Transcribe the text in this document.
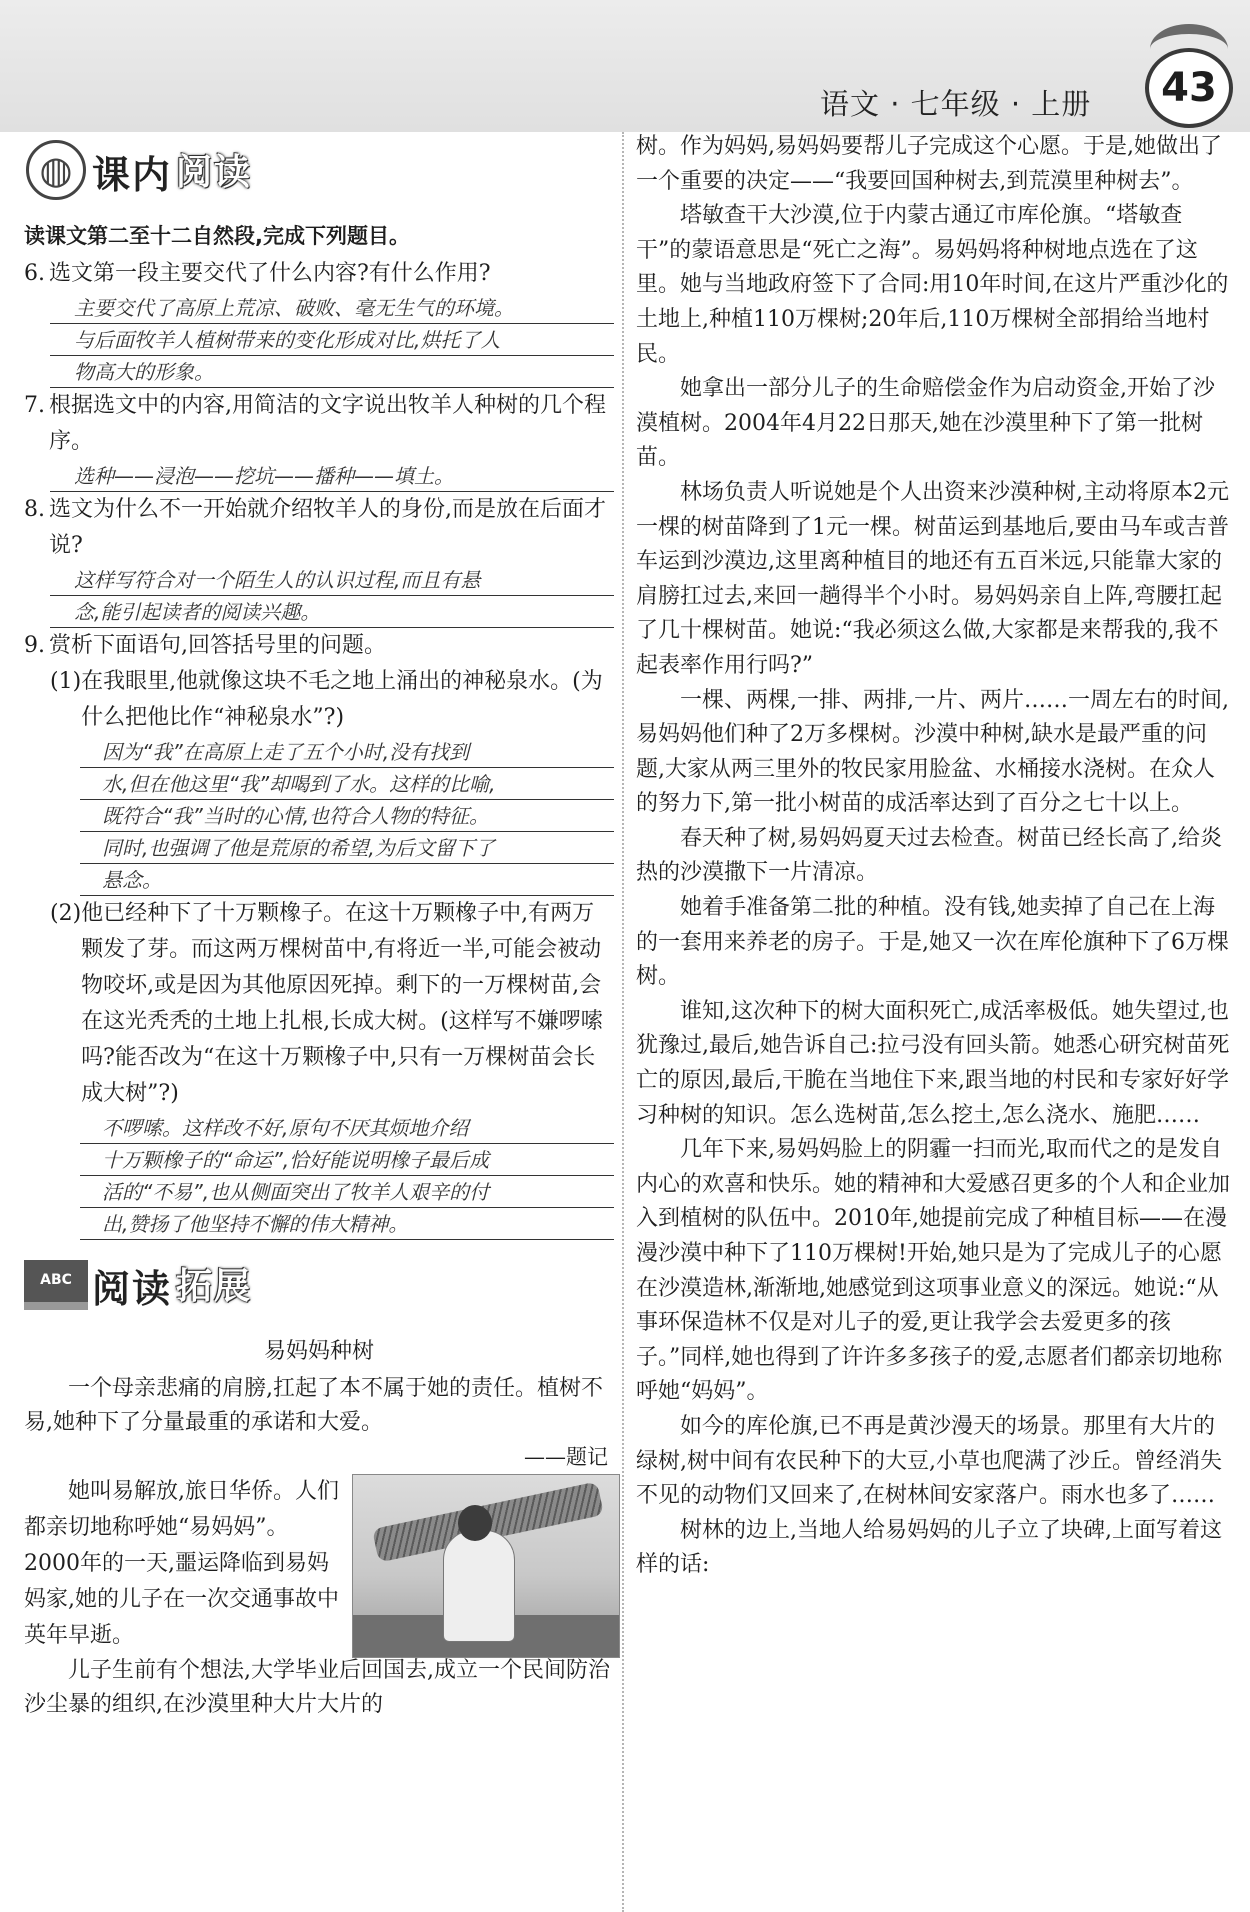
语文 · 七年级 · 上册	43
◍ 课内 阅读
读课文第二至十二自然段,完成下列题目。
6. 选文第一段主要交代了什么内容?有什么作用?
主要交代了高原上荒凉、破败、毫无生气的环境。
与后面牧羊人植树带来的变化形成对比,烘托了人
物高大的形象。
7. 根据选文中的内容,用简洁的文字说出牧羊人种树的几个程序。
选种——浸泡——挖坑——播种——填土。
8. 选文为什么不一开始就介绍牧羊人的身份,而是放在后面才说?
这样写符合对一个陌生人的认识过程,而且有悬
念,能引起读者的阅读兴趣。
9. 赏析下面语句,回答括号里的问题。
(1) 在我眼里,他就像这块不毛之地上涌出的神秘泉水。(为什么把他比作“神秘泉水”?)
因为“我”在高原上走了五个小时,没有找到
水,但在他这里“我”却喝到了水。这样的比喻,
既符合“我”当时的心情,也符合人物的特征。
同时,也强调了他是荒原的希望,为后文留下了
悬念。
(2) 他已经种下了十万颗橡子。在这十万颗橡子中,有两万颗发了芽。而这两万棵树苗中,有将近一半,可能会被动物咬坏,或是因为其他原因死掉。剩下的一万棵树苗,会在这光秃秃的土地上扎根,长成大树。(这样写不嫌啰嗦吗?能否改为“在这十万颗橡子中,只有一万棵树苗会长成大树”?)
不啰嗦。这样改不好,原句不厌其烦地介绍
十万颗橡子的“命运”,恰好能说明橡子最后成
活的“不易”,也从侧面突出了牧羊人艰辛的付
出,赞扬了他坚持不懈的伟大精神。
ABC 阅读 拓展
易妈妈种树

一个母亲悲痛的肩膀,扛起了本不属于她的责任。植树不易,她种下了分量最重的承诺和大爱。

——题记
她叫易解放,旅日华侨。人们都亲切地称呼她“易妈妈”。2000年的一天,噩运降临到易妈妈家,她的儿子在一次交通事故中英年早逝。

儿子生前有个想法,大学毕业后回国去,成立一个民间防治沙尘暴的组织,在沙漠里种大片大片的

树。作为妈妈,易妈妈要帮儿子完成这个心愿。于是,她做出了一个重要的决定——“我要回国种树去,到荒漠里种树去”。

塔敏查干大沙漠,位于内蒙古通辽市库伦旗。“塔敏查干”的蒙语意思是“死亡之海”。易妈妈将种树地点选在了这里。她与当地政府签下了合同:用10年时间,在这片严重沙化的土地上,种植110万棵树;20年后,110万棵树全部捐给当地村民。

她拿出一部分儿子的生命赔偿金作为启动资金,开始了沙漠植树。2004年4月22日那天,她在沙漠里种下了第一批树苗。

林场负责人听说她是个人出资来沙漠种树,主动将原本2元一棵的树苗降到了1元一棵。树苗运到基地后,要由马车或吉普车运到沙漠边,这里离种植目的地还有五百米远,只能靠大家的肩膀扛过去,来回一趟得半个小时。易妈妈亲自上阵,弯腰扛起了几十棵树苗。她说:“我必须这么做,大家都是来帮我的,我不起表率作用行吗?”

一棵、两棵,一排、两排,一片、两片……一周左右的时间,易妈妈他们种了2万多棵树。沙漠中种树,缺水是最严重的问题,大家从两三里外的牧民家用脸盆、水桶接水浇树。在众人的努力下,第一批小树苗的成活率达到了百分之七十以上。

春天种了树,易妈妈夏天过去检查。树苗已经长高了,给炎热的沙漠撒下一片清凉。

她着手准备第二批的种植。没有钱,她卖掉了自己在上海的一套用来养老的房子。于是,她又一次在库伦旗种下了6万棵树。

谁知,这次种下的树大面积死亡,成活率极低。她失望过,也犹豫过,最后,她告诉自己:拉弓没有回头箭。她悉心研究树苗死亡的原因,最后,干脆在当地住下来,跟当地的村民和专家好好学习种树的知识。怎么选树苗,怎么挖土,怎么浇水、施肥……

几年下来,易妈妈脸上的阴霾一扫而光,取而代之的是发自内心的欢喜和快乐。她的精神和大爱感召更多的个人和企业加入到植树的队伍中。2010年,她提前完成了种植目标——在漫漫沙漠中种下了110万棵树!开始,她只是为了完成儿子的心愿在沙漠造林,渐渐地,她感觉到这项事业意义的深远。她说:“从事环保造林不仅是对儿子的爱,更让我学会去爱更多的孩子。”同样,她也得到了许许多多孩子的爱,志愿者们都亲切地称呼她“妈妈”。

如今的库伦旗,已不再是黄沙漫天的场景。那里有大片的绿树,树中间有农民种下的大豆,小草也爬满了沙丘。曾经消失不见的动物们又回来了,在树林间安家落户。雨水也多了……

树林的边上,当地人给易妈妈的儿子立了块碑,上面写着这样的话:
